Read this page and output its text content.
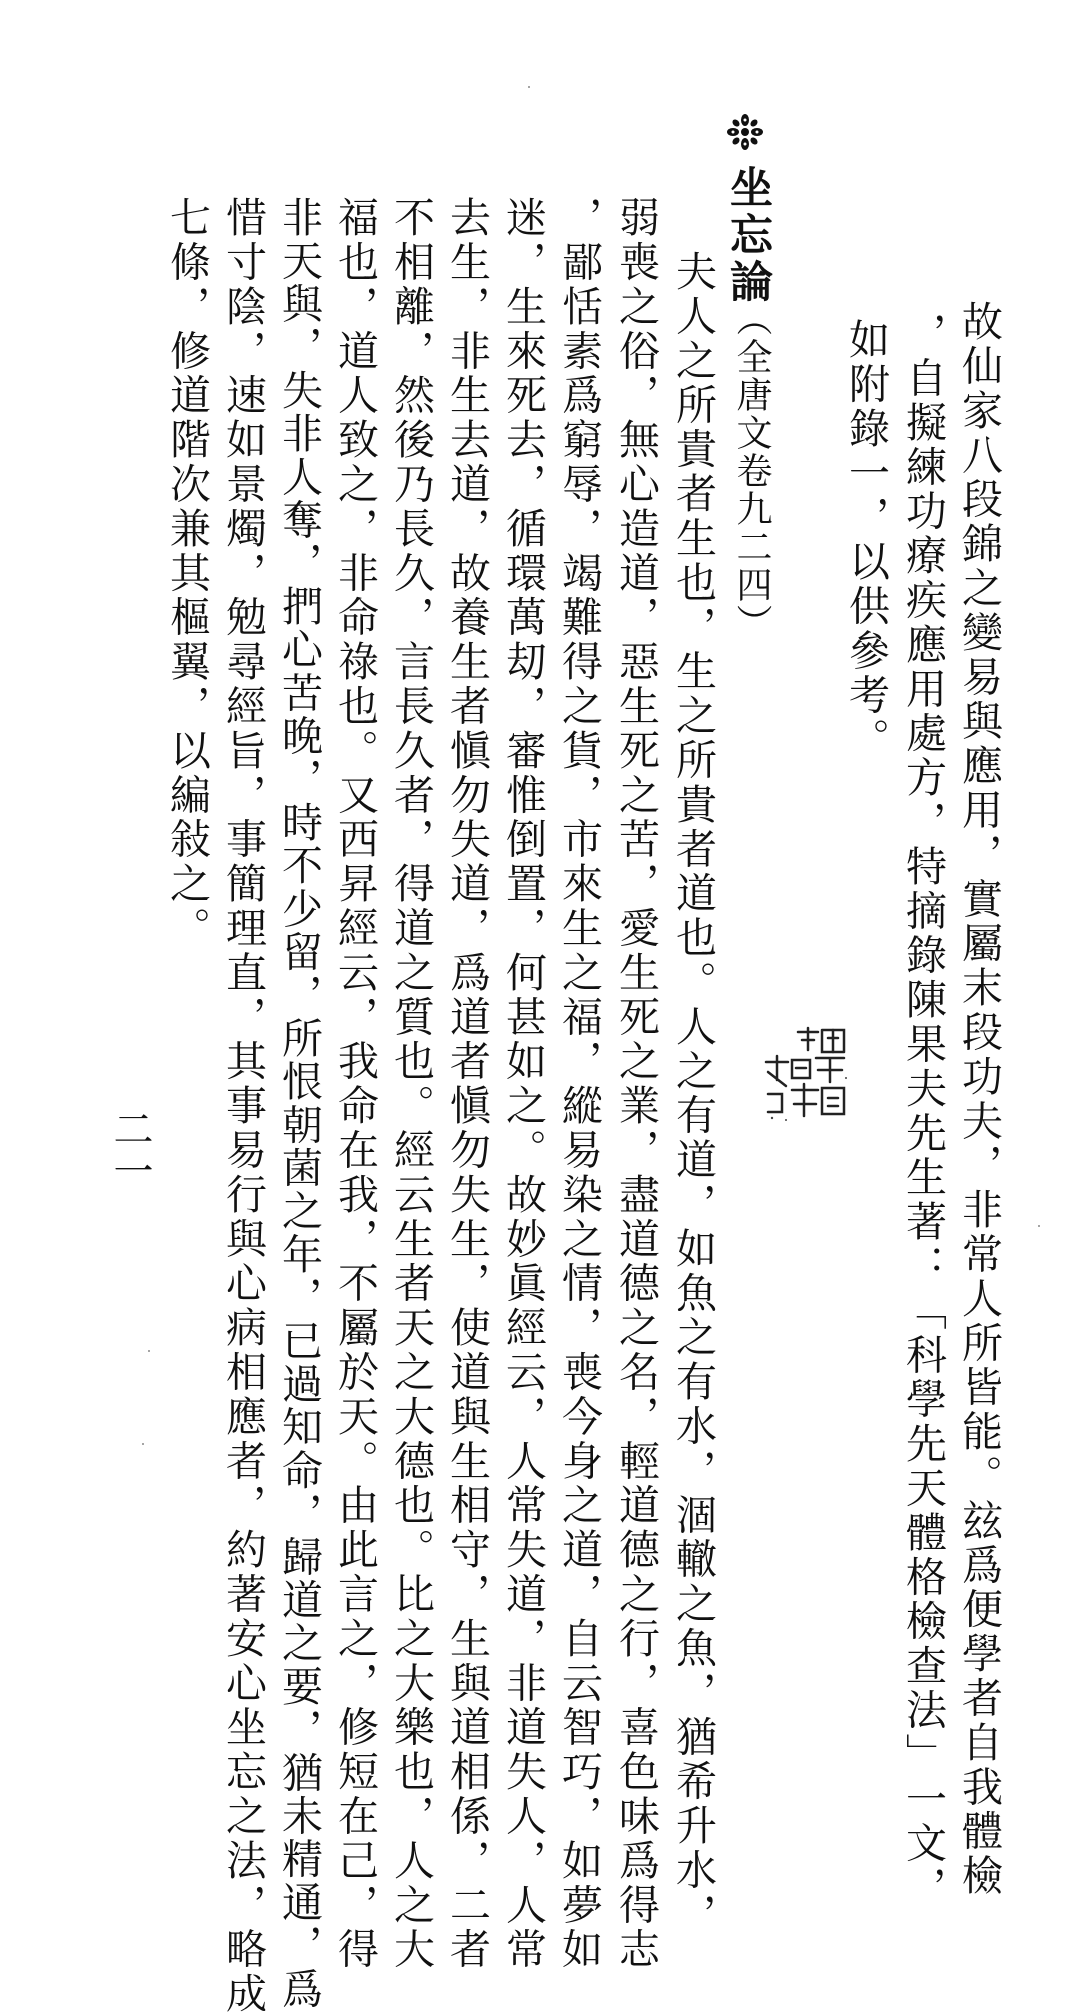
故仙家八段錦之變易與應用，實屬末段功夫，非常人所皆能。玆爲便學者自我體檢
，自擬練功療疾應用處方，特摘錄陳果夫先生著：「科學先天體格檢查法」一文，
如附錄一，以供參考。
坐忘論
（全唐文卷九二四）
夫人之所貴者生也，生之所貴者道也。人之有道，如魚之有水，涸轍之魚，猶希升水，
弱喪之俗，無心造道，惡生死之苦，愛生死之業，盡道德之名，輕道德之行，喜色味爲得志
，鄙恬素爲窮辱，竭難得之貨，市來生之福，縱易染之情，喪今身之道，自云智巧，如夢如
迷，生來死去，循環萬刧，審惟倒置，何甚如之。故妙眞經云，人常失道，非道失人，人常
去生，非生去道，故養生者愼勿失道，爲道者愼勿失生，使道與生相守，生與道相係，二者
不相離，然後乃長久，言長久者，得道之質也。經云生者天之大德也。比之大樂也，人之大
福也，道人致之，非命祿也。又西昇經云，我命在我，不屬於天。由此言之，修短在己，得
非天與，失非人奪，捫心苦晚，時不少留，所恨朝菌之年，已過知命，歸道之要，猶未精通，爲
惜寸陰，速如景燭，勉尋經旨，事簡理直，其事易行與心病相應者，約著安心坐忘之法，略成
七條，修道階次兼其樞翼，以編敍之。
二一
